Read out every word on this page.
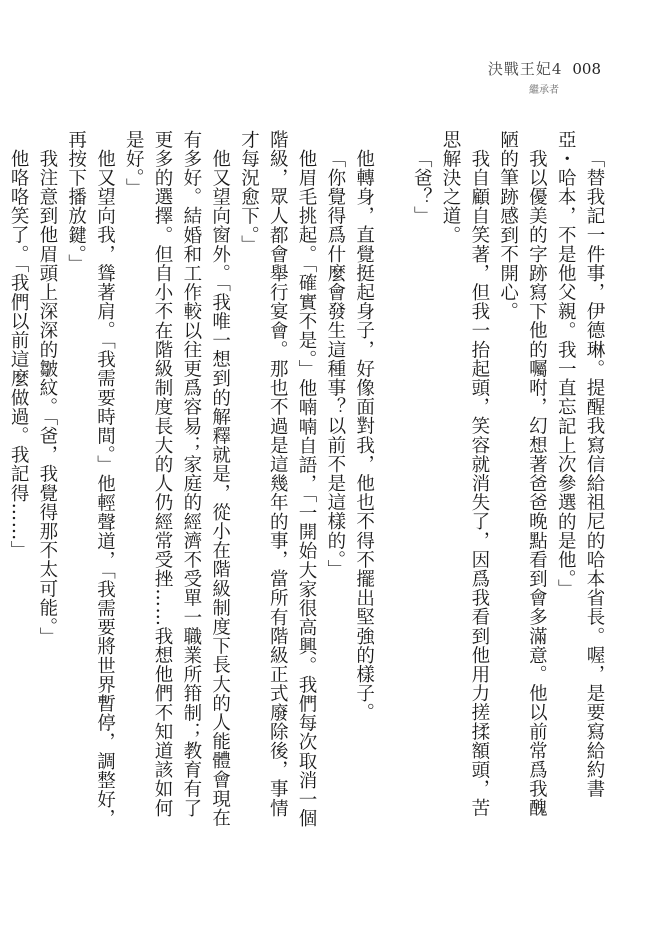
決戰王妃4 008
繼承者

「替我記一件事，伊德琳。提醒我寫信給祖尼的哈本省長。喔，是要寫給約書亞・哈本，不是他父親。我一直忘記上次參選的是他。」

我以優美的字跡寫下他的囑咐，幻想著爸爸晚點看到會多滿意。他以前常爲我醜陋的筆跡感到不開心。

我自顧自笑著，但我一抬起頭，笑容就消失了，因爲我看到他用力搓揉額頭，苦思解決之道。

「爸？」

他轉身，直覺挺起身子，好像面對我，他也不得不擺出堅強的樣子。

「你覺得爲什麼會發生這種事？以前不是這樣的。」

他眉毛挑起。「確實不是。」他喃喃自語，「一開始大家很高興。我們每次取消一個階級，眾人都會舉行宴會。那也不過是這幾年的事，當所有階級正式廢除後，事情才每況愈下。」

他又望向窗外。「我唯一想到的解釋就是，從小在階級制度下長大的人能體會現在有多好。結婚和工作較以往更爲容易；家庭的經濟不受單一職業所箝制；教育有了更多的選擇。但自小不在階級制度長大的人仍經常受挫……我想他們不知道該如何是好。」

他又望向我，聳著肩。「我需要時間。」他輕聲道，「我需要將世界暫停，調整好，再按下播放鍵。」

我注意到他眉頭上深深的皺紋。「爸，我覺得那不太可能。」

他咯咯笑了。「我們以前這麼做過。我記得……」
